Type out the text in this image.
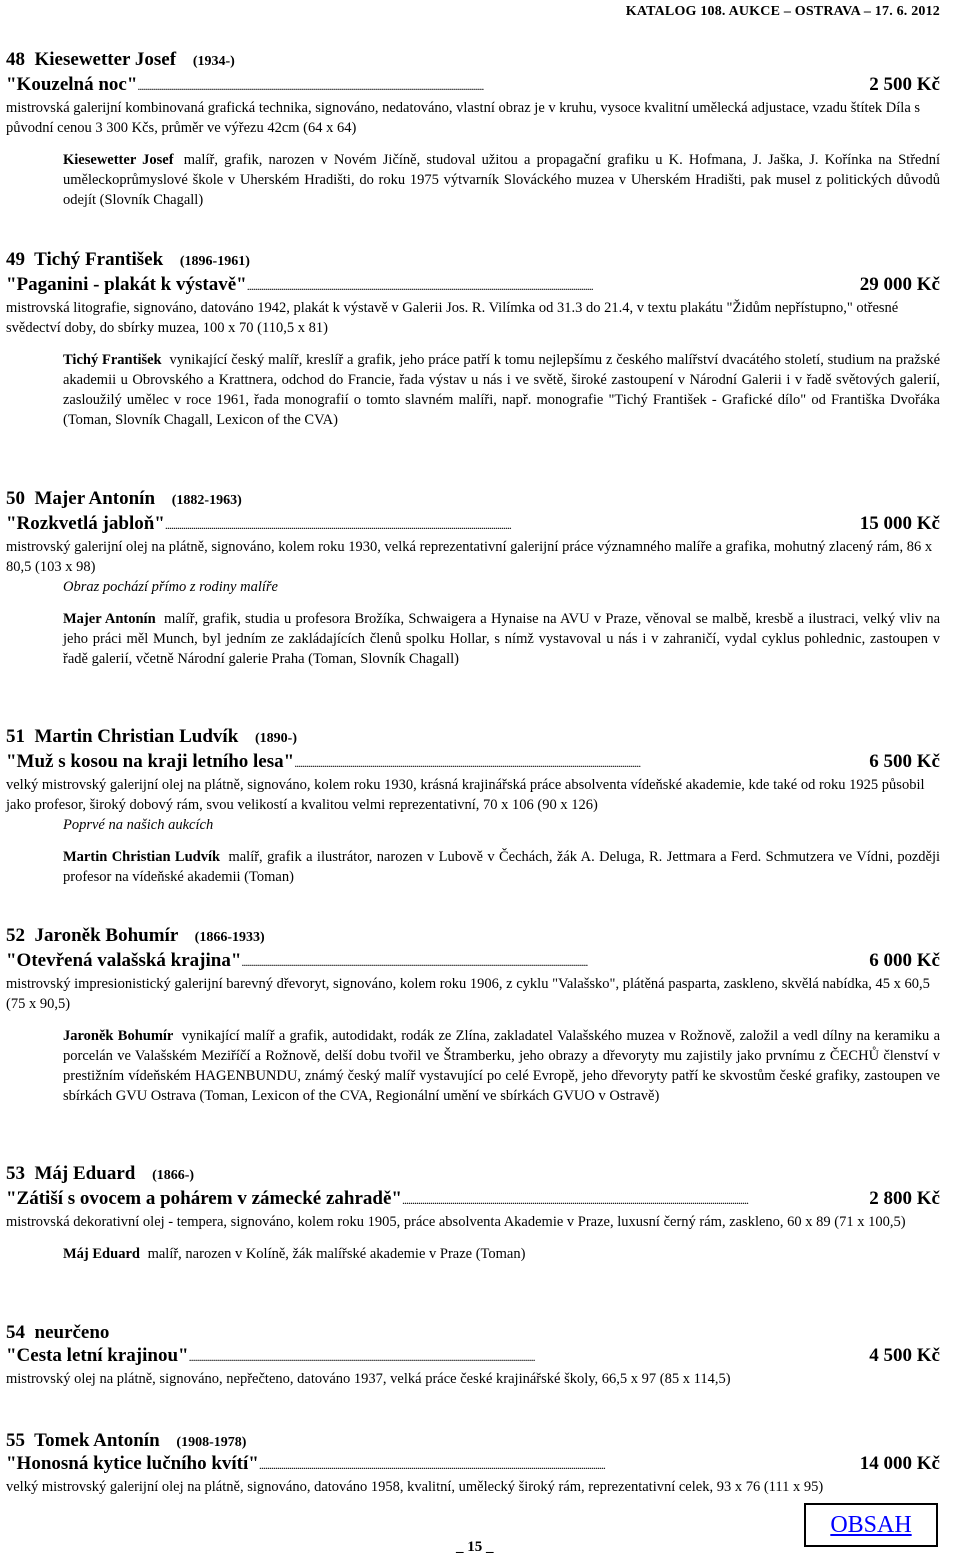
KATALOG 108. AUKCE – OSTRAVA – 17. 6. 2012
48 Kiesewetter Josef (1934-)
"Kouzelná noc" . . .	2 500 Kč
mistrovská galerijní kombinovaná grafická technika, signováno, nedatováno, vlastní obraz je v kruhu, vysoce kvalitní umělecká adjustace, vzadu štítek Díla s původní cenou 3 300 Kčs, průměr ve výřezu 42cm (64 x 64)
Kiesewetter Josef malíř, grafik, narozen v Novém Jičíně, studoval užitou a propagační grafiku u K. Hofmana, J. Jaška, J. Kořínka na Střední uměleckoprůmyslové škole v Uherském Hradišti, do roku 1975 výtvarník Slováckého muzea v Uherském Hradišti, pak musel z politických důvodů odejít (Slovník Chagall)
49 Tichý František (1896-1961)
"Paganini - plakát k výstavě" . . .	29 000 Kč
mistrovská litografie, signováno, datováno 1942, plakát k výstavě v Galerii Jos. R. Vilímka od 31.3 do 21.4, v textu plakátu "Židům nepřístupno," otřesné svědectví doby, do sbírky muzea, 100 x 70 (110,5 x 81)
Tichý František vynikající český malíř, kreslíř a grafik, jeho práce patří k tomu nejlepšímu z českého malířství dvacátého století, studium na pražské akademii u Obrovského a Krattnera, odchod do Francie, řada výstav u nás i ve světě, široké zastoupení v Národní Galerii i v řadě světových galerií, zasloužilý umělec v roce 1961, řada monografií o tomto slavném malíři, např. monografie "Tichý František - Grafické dílo" od Františka Dvořáka (Toman, Slovník Chagall, Lexicon of the CVA)
50 Majer Antonín (1882-1963)
"Rozkvetlá jabloň" . . .	15 000 Kč
mistrovský galerijní olej na plátně, signováno, kolem roku 1930, velká reprezentativní galerijní práce významného malíře a grafika, mohutný zlacený rám, 86 x 80,5 (103 x 98)
Obraz pochází přímo z rodiny malíře
Majer Antonín malíř, grafik, studia u profesora Brožíka, Schwaigera a Hynaise na AVU v Praze, věnoval se malbě, kresbě a ilustraci, velký vliv na jeho práci měl Munch, byl jedním ze zakládajících členů spolku Hollar, s nímž vystavoval u nás i v zahraničí, vydal cyklus pohlednic, zastoupen v řadě galerií, včetně Národní galerie Praha (Toman, Slovník Chagall)
51 Martin Christian Ludvík (1890-)
"Muž s kosou na kraji letního lesa" . . .	6 500 Kč
velký mistrovský galerijní olej na plátně, signováno, kolem roku 1930, krásná krajinářská práce absolventa vídeňské akademie, kde také od roku 1925 působil jako profesor, široký dobový rám, svou velikostí a kvalitou velmi reprezentativní, 70 x 106 (90 x 126)
Poprvé na našich aukcích
Martin Christian Ludvík malíř, grafik a ilustrátor, narozen v Lubově v Čechách, žák A. Deluga, R. Jettmara a Ferd. Schmutzera ve Vídni, později profesor na vídeňské akademii (Toman)
52 Jaroněk Bohumír (1866-1933)
"Otevřená valašská krajina" . . .	6 000 Kč
mistrovský impresionistický galerijní barevný dřevoryt, signováno, kolem roku 1906, z cyklu "Valašsko", plátěná pasparta, zaskleno, skvělá nabídka, 45 x 60,5 (75 x 90,5)
Jaroněk Bohumír vynikající malíř a grafik, autodidakt, rodák ze Zlína, zakladatel Valašského muzea v Rožnově, založil a vedl dílny na keramiku a porcelán ve Valašském Meziříčí a Rožnově, delší dobu tvořil ve Štramberku, jeho obrazy a dřevoryty mu zajistily jako prvnímu z ČECHŮ členství v prestižním vídeňském HAGENBUNDU, známý český malíř vystavující po celé Evropě, jeho dřevoryty patří ke skvostům české grafiky, zastoupen ve sbírkách GVU Ostrava (Toman, Lexicon of the CVA, Regionální umění ve sbírkách GVUO v Ostravě)
53 Máj Eduard (1866-)
"Zátiší s ovocem a pohárem v zámecké zahradě" . . .	2 800 Kč
mistrovská dekorativní olej - tempera, signováno, kolem roku 1905, práce absolventa Akademie v Praze, luxusní černý rám, zaskleno, 60 x 89 (71 x 100,5)
Máj Eduard malíř, narozen v Kolíně, žák malířské akademie v Praze (Toman)
54 neurčeno
"Cesta letní krajinou" . . .	4 500 Kč
mistrovský olej na plátně, signováno, nepřečteno, datováno 1937, velká práce české krajinářské školy, 66,5 x 97 (85 x 114,5)
55 Tomek Antonín (1908-1978)
"Honosná kytice lučního kvítí" . . .	14 000 Kč
velký mistrovský galerijní olej na plátně, signováno, datováno 1958, kvalitní, umělecký široký rám, reprezentativní celek, 93 x 76 (111 x 95)
_ 15 _
OBSAH
